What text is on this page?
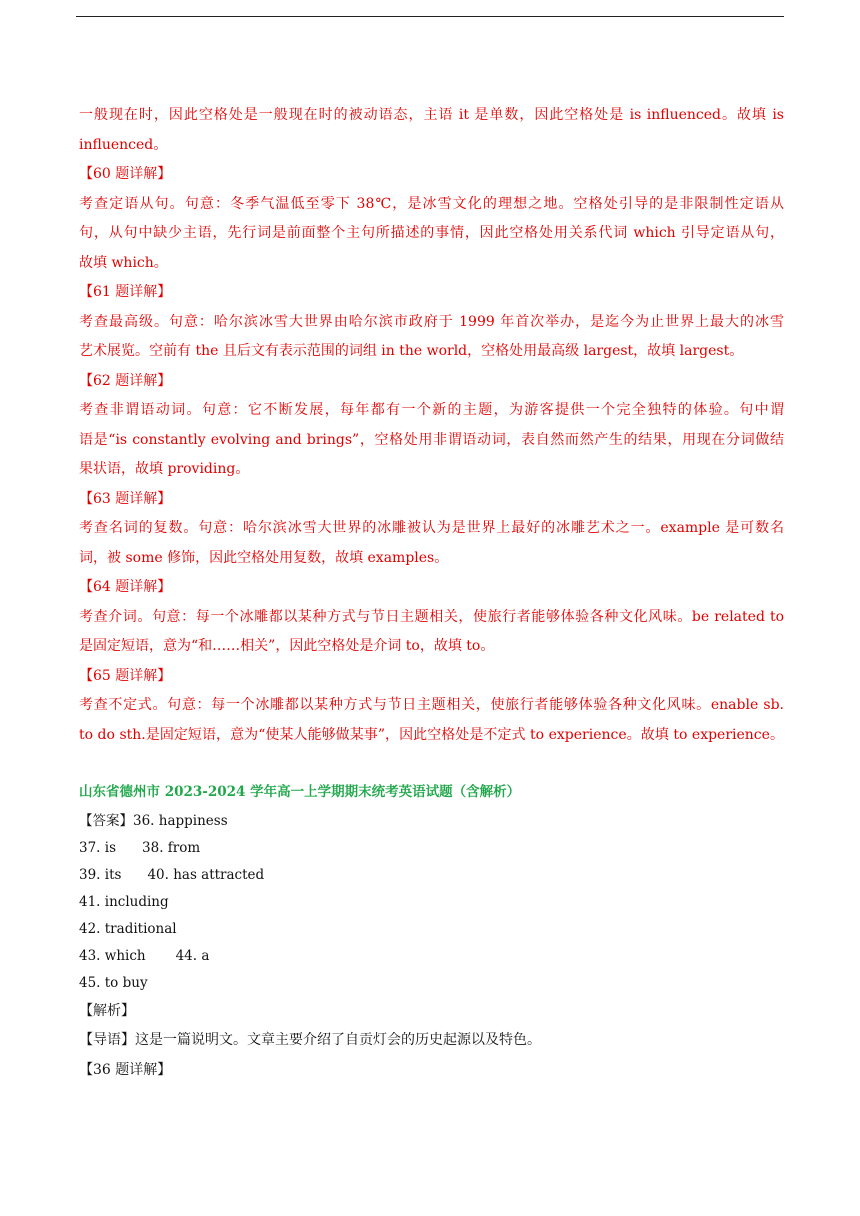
一般现在时，因此空格处是一般现在时的被动语态，主语 it 是单数，因此空格处是 is influenced。故填 is

influenced。

【60 题详解】

考查定语从句。句意：冬季气温低至零下 38℃，是冰雪文化的理想之地。空格处引导的是非限制性定语从

句，从句中缺少主语，先行词是前面整个主句所描述的事情，因此空格处用关系代词 which 引导定语从句，

故填 which。

【61 题详解】

考查最高级。句意：哈尔滨冰雪大世界由哈尔滨市政府于 1999 年首次举办，是迄今为止世界上最大的冰雪

艺术展览。空前有 the 且后文有表示范围的词组 in the world，空格处用最高级 largest，故填 largest。

【62 题详解】

考查非谓语动词。句意：它不断发展，每年都有一个新的主题，为游客提供一个完全独特的体验。句中谓

语是“is constantly evolving and brings”，空格处用非谓语动词，表自然而然产生的结果，用现在分词做结

果状语，故填 providing。

【63 题详解】

考查名词的复数。句意：哈尔滨冰雪大世界的冰雕被认为是世界上最好的冰雕艺术之一。example 是可数名

词，被 some 修饰，因此空格处用复数，故填 examples。

【64 题详解】

考查介词。句意：每一个冰雕都以某种方式与节日主题相关，使旅行者能够体验各种文化风味。be related to

是固定短语，意为“和……相关”，因此空格处是介词 to，故填 to。

【65 题详解】

考查不定式。句意：每一个冰雕都以某种方式与节日主题相关，使旅行者能够体验各种文化风味。enable sb.

to do sth.是固定短语，意为“使某人能够做某事”，因此空格处是不定式 to experience。故填 to experience。

山东省德州市 2023-2024 学年高一上学期期末统考英语试题（含解析）

【答案】36. happiness

37. is 38. from

39. its 40. has attracted

41. including

42. traditional

43. which 44. a

45. to buy

【解析】

【导语】这是一篇说明文。文章主要介绍了自贡灯会的历史起源以及特色。

【36 题详解】
